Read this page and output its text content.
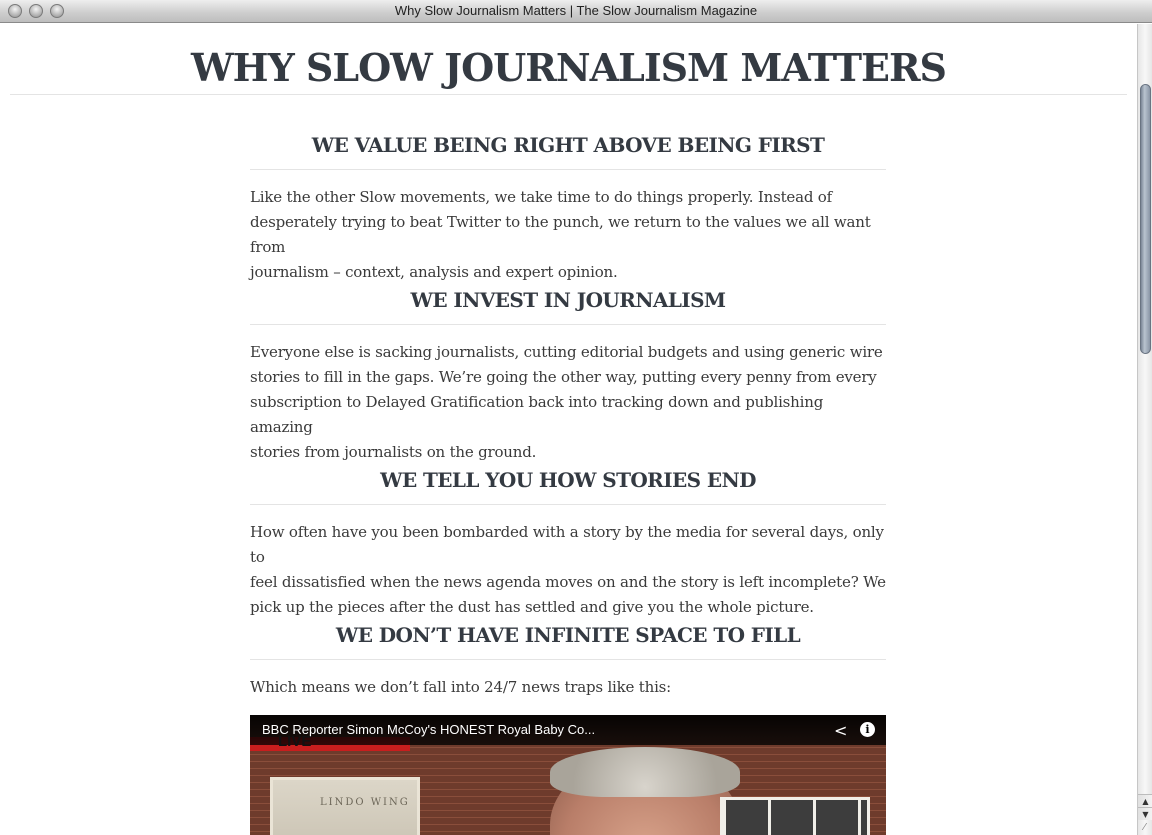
Why Slow Journalism Matters | The Slow Journalism Magazine
WHY SLOW JOURNALISM MATTERS
WE VALUE BEING RIGHT ABOVE BEING FIRST

Like the other Slow movements, we take time to do things properly. Instead of
desperately trying to beat Twitter to the punch, we return to the values we all want from
journalism – context, analysis and expert opinion.

WE INVEST IN JOURNALISM

Everyone else is sacking journalists, cutting editorial budgets and using generic wire
stories to fill in the gaps. We’re going the other way, putting every penny from every
subscription to Delayed Gratification back into tracking down and publishing amazing
stories from journalists on the ground.

WE TELL YOU HOW STORIES END

How often have you been bombarded with a story by the media for several days, only to
feel dissatisfied when the news agenda moves on and the story is left incomplete? We
pick up the pieces after the dust has settled and give you the whole picture.

WE DON’T HAVE INFINITE SPACE TO FILL

Which means we don’t fall into 24/7 news traps like this:

BBC Reporter Simon McCoy's HONEST Royal Baby Co...	<	i
LIVE
LINDO WING	▲
▼
⁄
